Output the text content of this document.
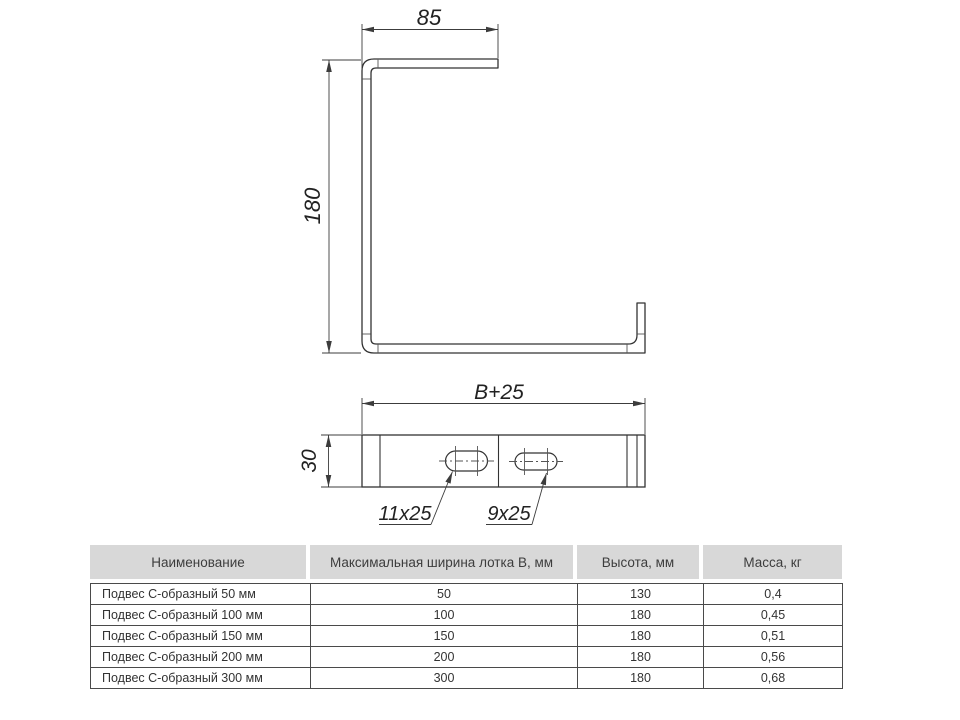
85
180
B+25
30
11x25	9x25
Наименование	Максимальная ширина лотка В, мм	Высота, мм	Масса, кг
Подвес С-образный 50 мм	50	130	0,4
Подвес С-образный 100 мм	100	180	0,45
Подвес С-образный 150 мм	150	180	0,51
Подвес С-образный 200 мм	200	180	0,56
Подвес С-образный 300 мм	300	180	0,68
